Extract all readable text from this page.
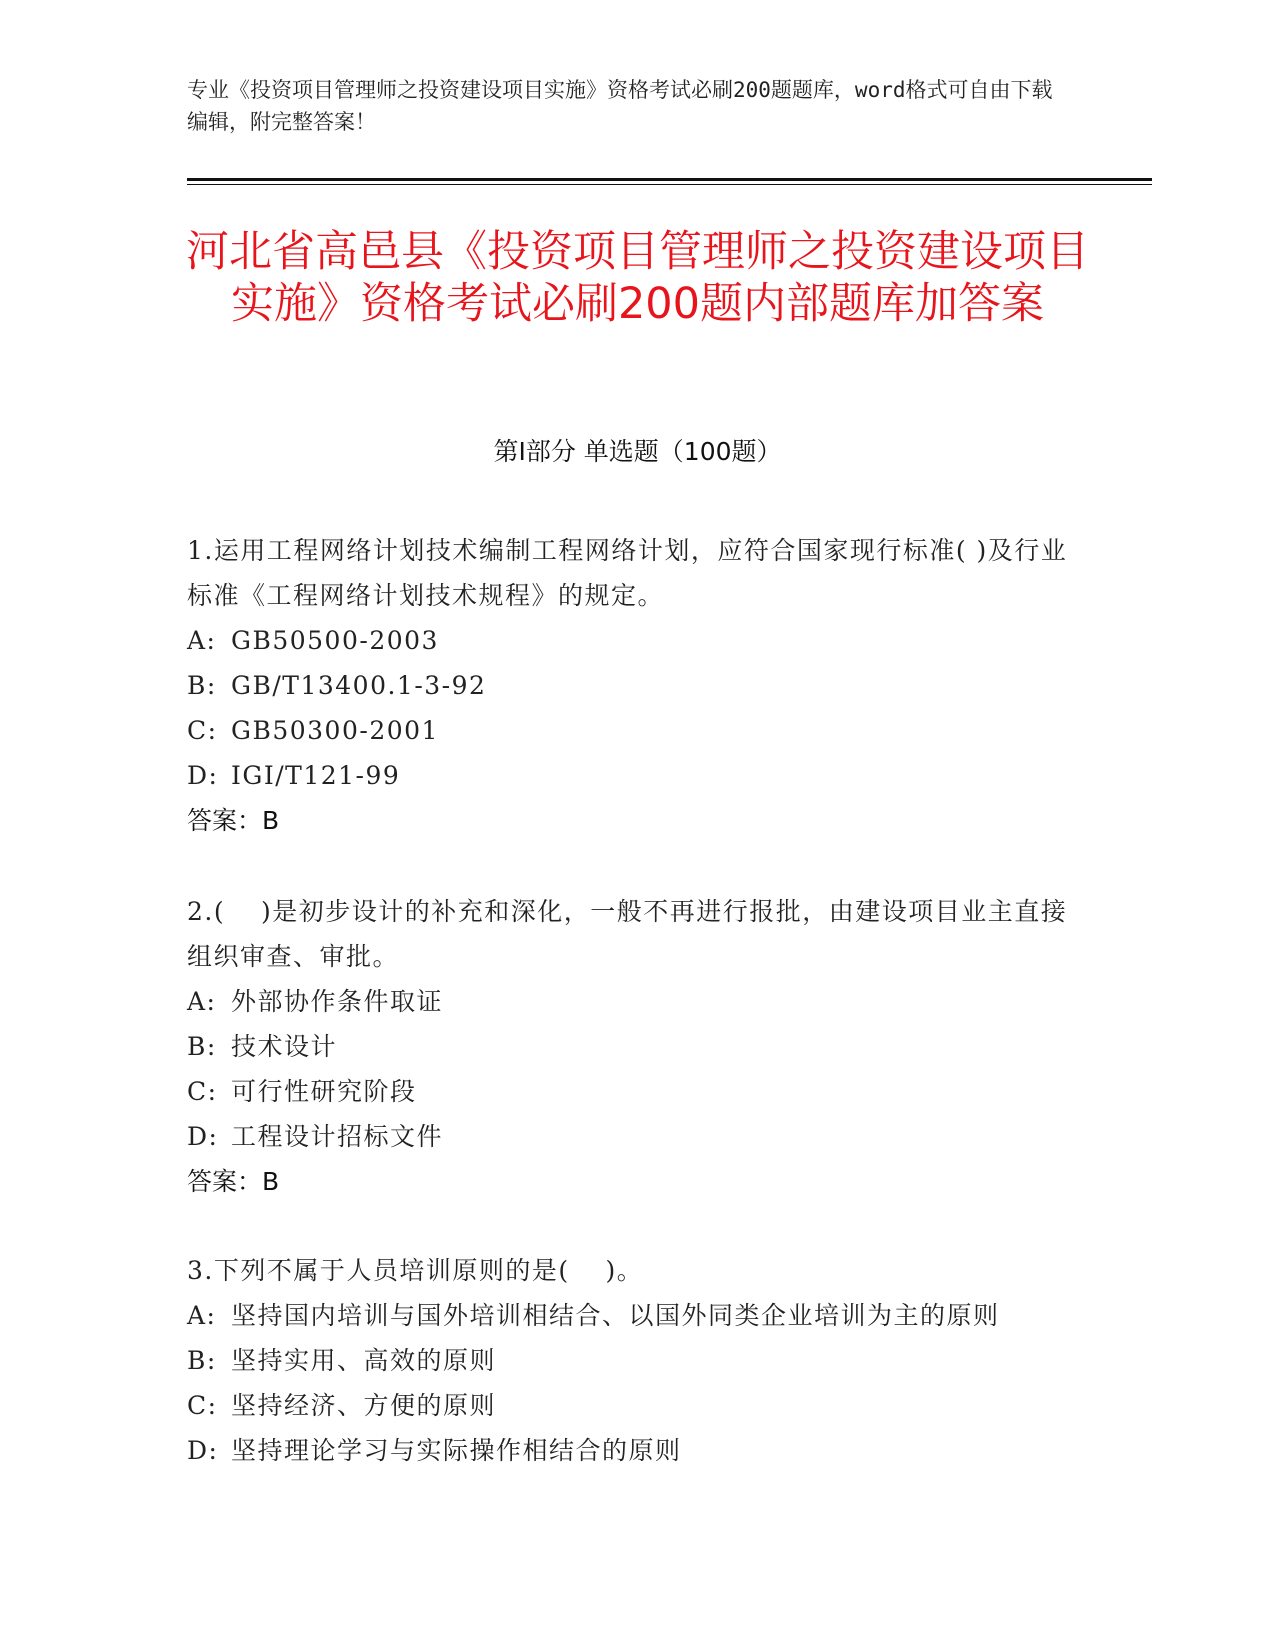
专业《投资项目管理师之投资建设项目实施》资格考试必刷200题题库，word格式可自由下载编辑，附完整答案！
河北省高邑县《投资项目管理师之投资建设项目实施》资格考试必刷200题内部题库加答案
第I部分 单选题（100题）
1.运用工程网络计划技术编制工程网络计划，应符合国家现行标准( )及行业标准《工程网络计划技术规程》的规定。
A: GB50500-2003
B: GB/T13400.1-3-92
C: GB50300-2001
D: IGI/T121-99
答案：B
2.(　 )是初步设计的补充和深化，一般不再进行报批，由建设项目业主直接组织审查、审批。
A: 外部协作条件取证
B: 技术设计
C: 可行性研究阶段
D: 工程设计招标文件
答案：B
3.下列不属于人员培训原则的是(　 )。
A: 坚持国内培训与国外培训相结合、以国外同类企业培训为主的原则
B: 坚持实用、高效的原则
C: 坚持经济、方便的原则
D: 坚持理论学习与实际操作相结合的原则
